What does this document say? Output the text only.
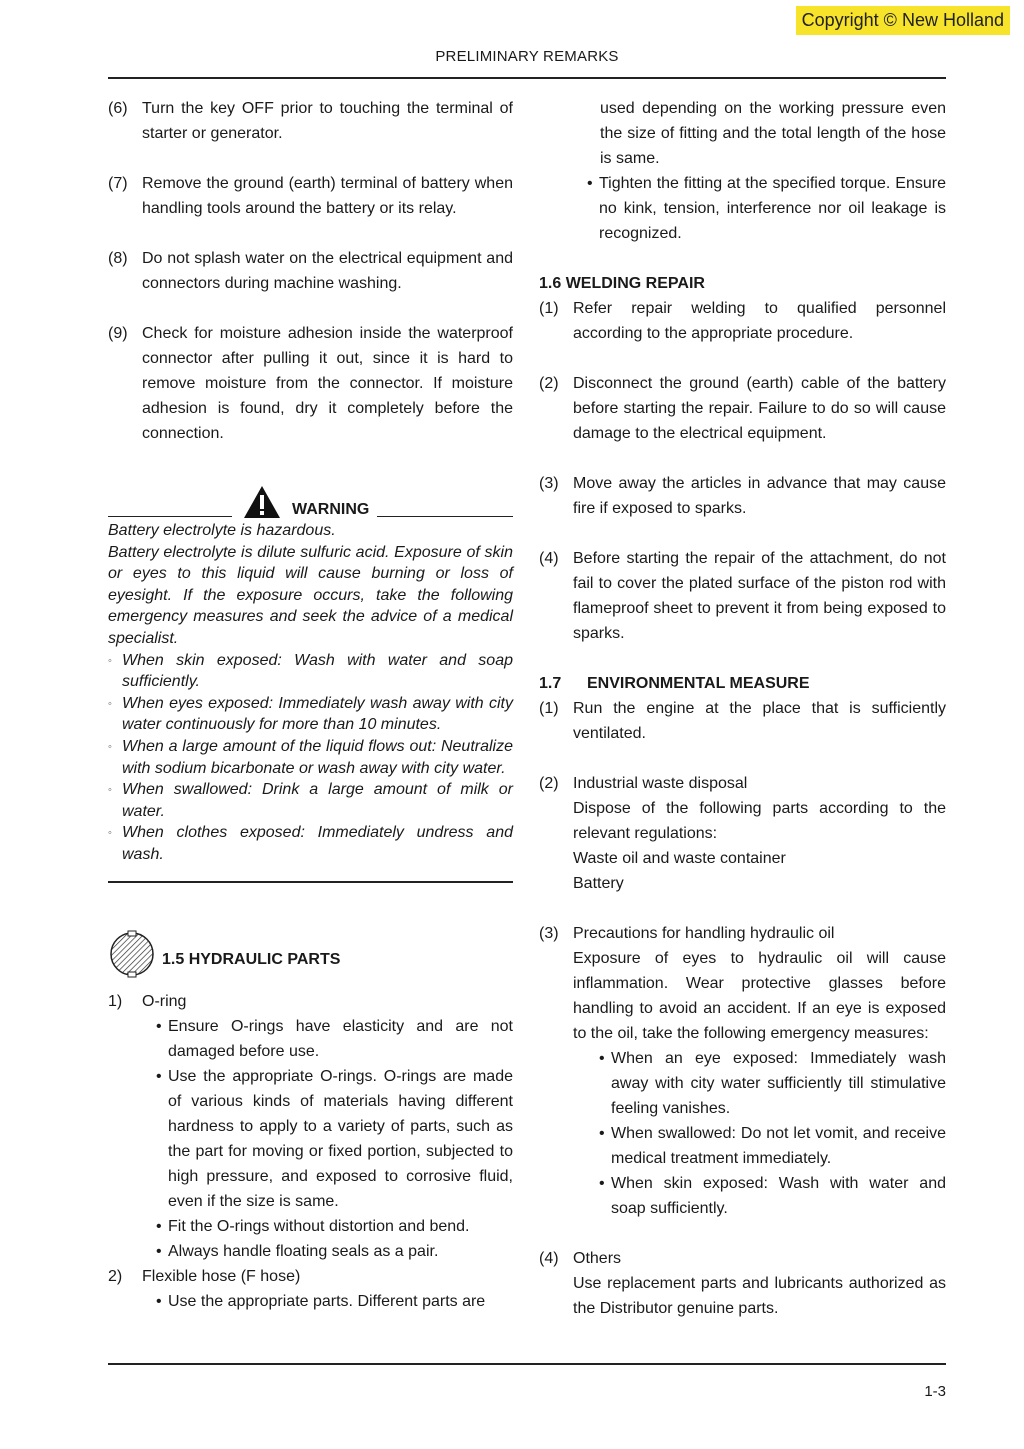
Copyright © New Holland
PRELIMINARY REMARKS
(6) Turn the key OFF prior to touching the terminal of starter or generator.
(7) Remove the ground (earth) terminal of battery when handling tools around the battery or its relay.
(8) Do not splash water on the electrical equipment and connectors during machine washing.
(9) Check for moisture adhesion inside the waterproof connector after pulling it out, since it is hard to remove moisture from the connector. If moisture adhesion is found, dry it completely before the connection.
WARNING
Battery electrolyte is hazardous.
Battery electrolyte is dilute sulfuric acid. Exposure of skin or eyes to this liquid will cause burning or loss of eyesight. If the exposure occurs, take the following emergency measures and seek the advice of a medical specialist.
◦ When skin exposed: Wash with water and soap sufficiently.
◦ When eyes exposed: Immediately wash away with city water continuously for more than 10 minutes.
◦ When a large amount of the liquid flows out: Neutralize with sodium bicarbonate or wash away with city water.
◦ When swallowed: Drink a large amount of milk or water.
◦ When clothes exposed: Immediately undress and wash.
1.5 HYDRAULIC PARTS
1)	O-ring
• Ensure O-rings have elasticity and are not damaged before use.
• Use the appropriate O-rings. O-rings are made of various kinds of materials having different hardness to apply to a variety of parts, such as the part for moving or fixed portion, subjected to high pressure, and exposed to corrosive fluid, even if the size is same.
• Fit the O-rings without distortion and bend.
• Always handle floating seals as a pair.
2)	Flexible hose (F hose)
• Use the appropriate parts. Different parts are
used depending on the working pressure even the size of fitting and the total length of the hose is same.
• Tighten the fitting at the specified torque. Ensure no kink, tension, interference nor oil leakage is recognized.
1.6 WELDING REPAIR
(1) Refer repair welding to qualified personnel according to the appropriate procedure.
(2) Disconnect the ground (earth) cable of the battery before starting the repair. Failure to do so will cause damage to the electrical equipment.
(3) Move away the articles in advance that may cause fire if exposed to sparks.
(4) Before starting the repair of the attachment, do not fail to cover the plated surface of the piston rod with flameproof sheet to prevent it from being exposed to sparks.
1.7 ENVIRONMENTAL MEASURE
(1) Run the engine at the place that is sufficiently ventilated.
(2) Industrial waste disposal
Dispose of the following parts according to the relevant regulations:
Waste oil and waste container
Battery
(3) Precautions for handling hydraulic oil
Exposure of eyes to hydraulic oil will cause inflammation. Wear protective glasses before handling to avoid an accident. If an eye is exposed to the oil, take the following emergency measures:
• When an eye exposed: Immediately wash away with city water sufficiently till stimulative feeling vanishes.
• When swallowed: Do not let vomit, and receive medical treatment immediately.
• When skin exposed: Wash with water and soap sufficiently.
(4) Others
Use replacement parts and lubricants authorized as the Distributor genuine parts.
1-3
